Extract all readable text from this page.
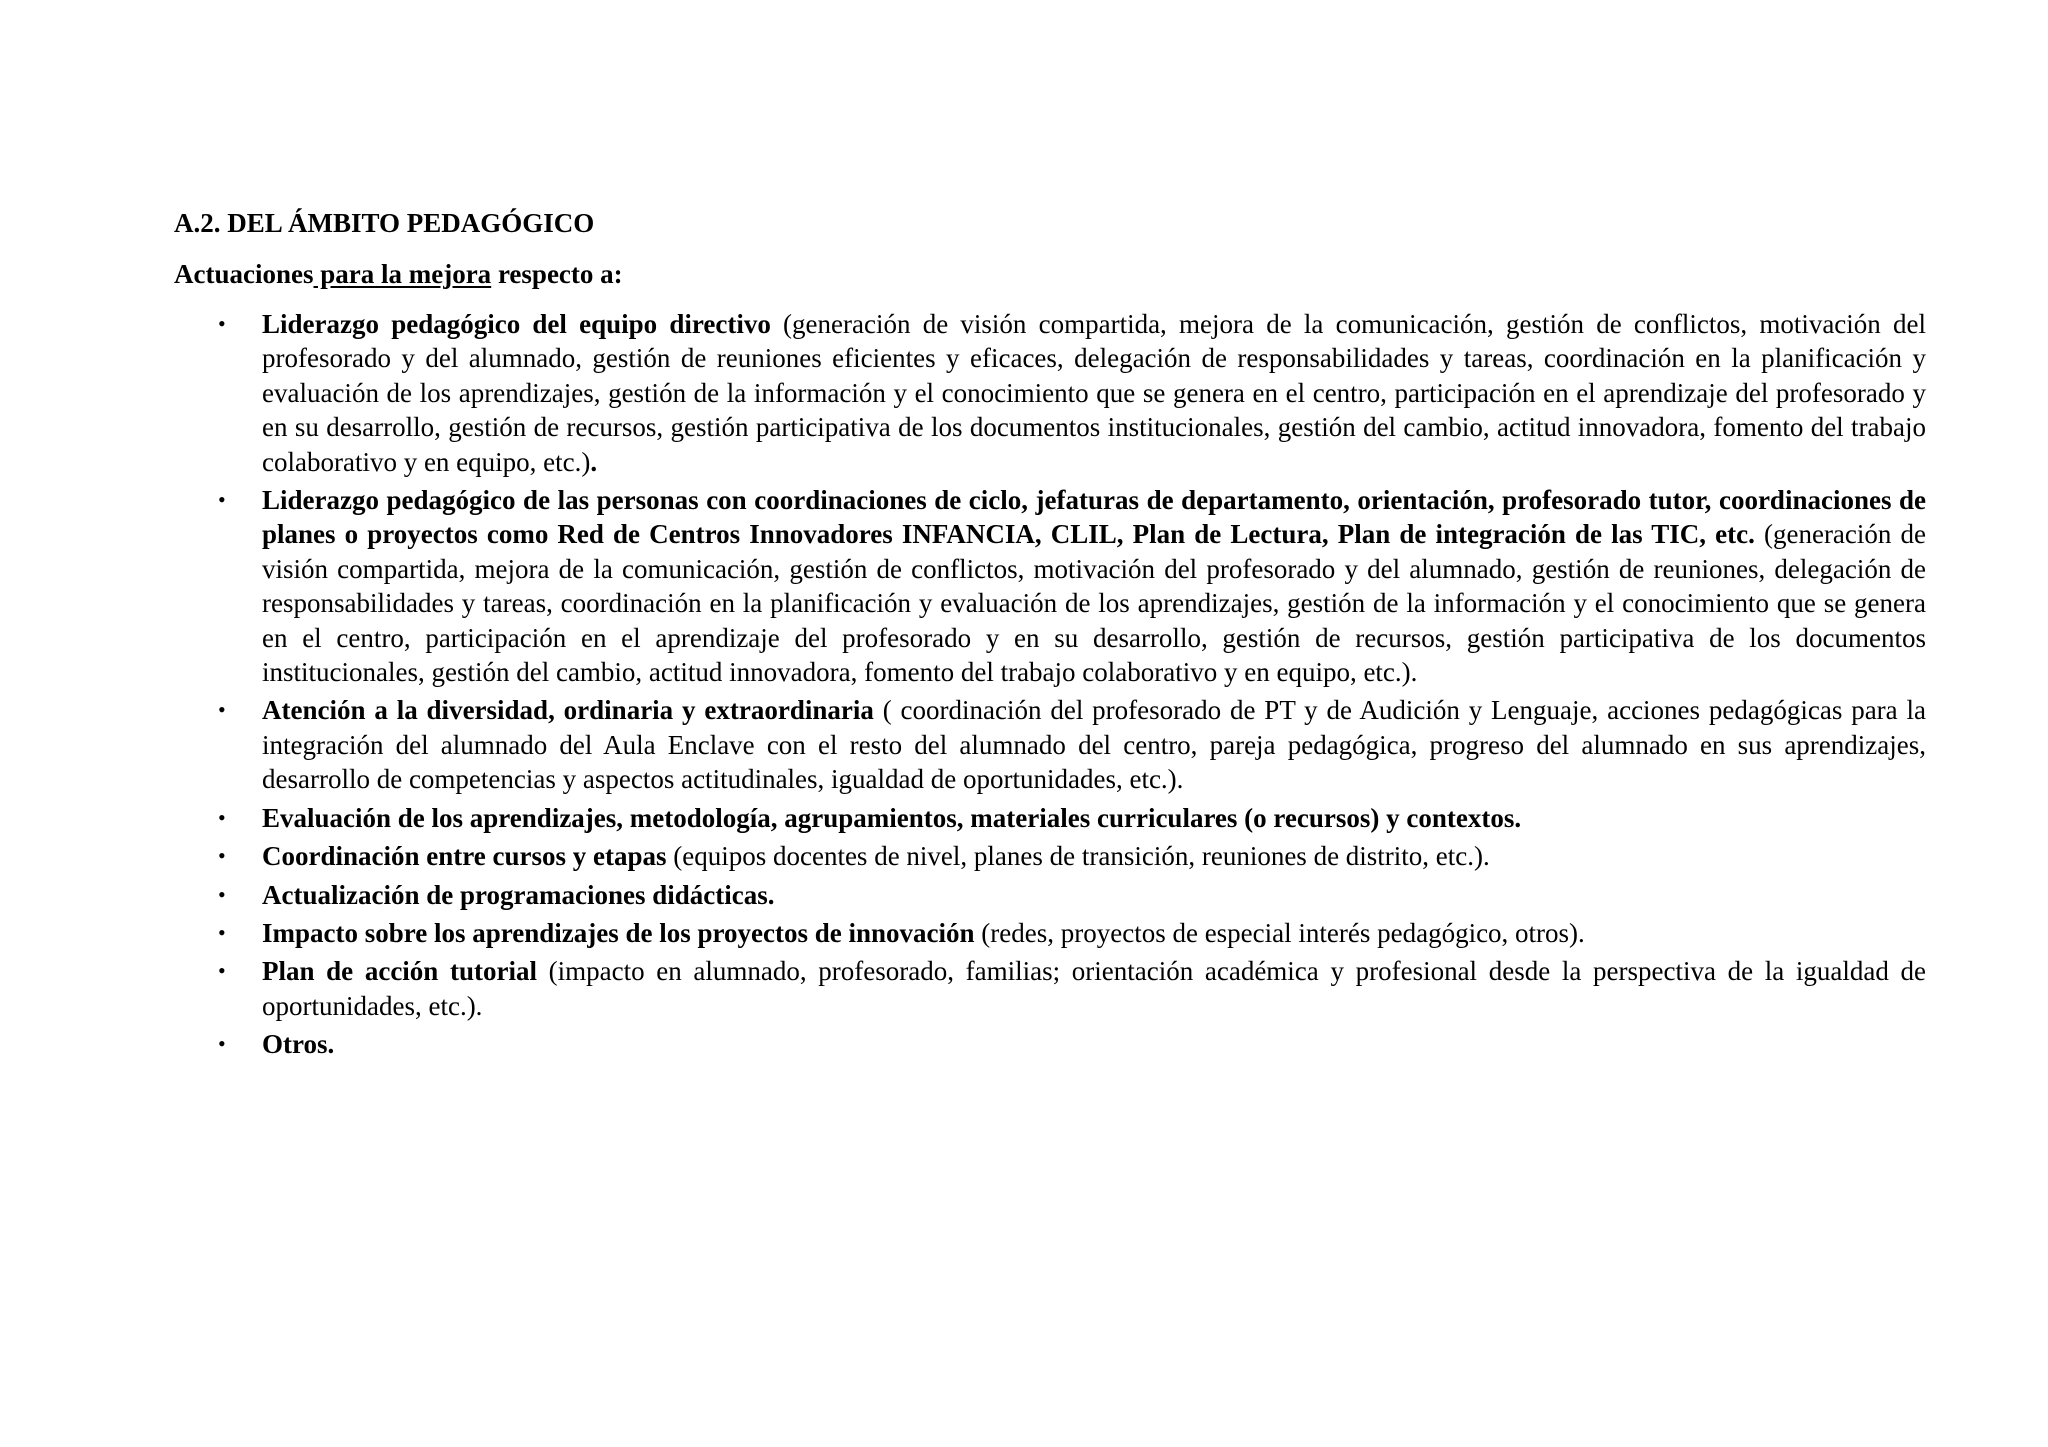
A.2. DEL ÁMBITO PEDAGÓGICO
Actuaciones para la mejora respecto a:
• Liderazgo pedagógico del equipo directivo (generación de visión compartida, mejora de la comunicación, gestión de conflictos, motivación del profesorado y del alumnado, gestión de reuniones eficientes y eficaces, delegación de responsabilidades y tareas, coordinación en la planificación y evaluación de los aprendizajes, gestión de la información y el conocimiento que se genera en el centro, participación en el aprendizaje del profesorado y en su desarrollo, gestión de recursos, gestión participativa de los documentos institucionales, gestión del cambio, actitud innovadora, fomento del trabajo colaborativo y en equipo, etc.).
• Liderazgo pedagógico de las personas con coordinaciones de ciclo, jefaturas de departamento, orientación, profesorado tutor, coordinaciones de planes o proyectos como Red de Centros Innovadores INFANCIA, CLIL, Plan de Lectura, Plan de integración de las TIC, etc. (generación de visión compartida, mejora de la comunicación, gestión de conflictos, motivación del profesorado y del alumnado, gestión de reuniones, delegación de responsabilidades y tareas, coordinación en la planificación y evaluación de los aprendizajes, gestión de la información y el conocimiento que se genera en el centro, participación en el aprendizaje del profesorado y en su desarrollo, gestión de recursos, gestión participativa de los documentos institucionales, gestión del cambio, actitud innovadora, fomento del trabajo colaborativo y en equipo, etc.).
• Atención a la diversidad, ordinaria y extraordinaria ( coordinación del profesorado de PT y de Audición y Lenguaje, acciones pedagógicas para la integración del alumnado del Aula Enclave con el resto del alumnado del centro, pareja pedagógica, progreso del alumnado en sus aprendizajes, desarrollo de competencias y aspectos actitudinales, igualdad de oportunidades, etc.).
• Evaluación de los aprendizajes, metodología, agrupamientos, materiales curriculares (o recursos) y contextos.
• Coordinación entre cursos y etapas (equipos docentes de nivel, planes de transición, reuniones de distrito, etc.).
• Actualización de programaciones didácticas.
• Impacto sobre los aprendizajes de los proyectos de innovación (redes, proyectos de especial interés pedagógico, otros).
• Plan de acción tutorial (impacto en alumnado, profesorado, familias; orientación académica y profesional desde la perspectiva de la igualdad de oportunidades, etc.).
• Otros.
